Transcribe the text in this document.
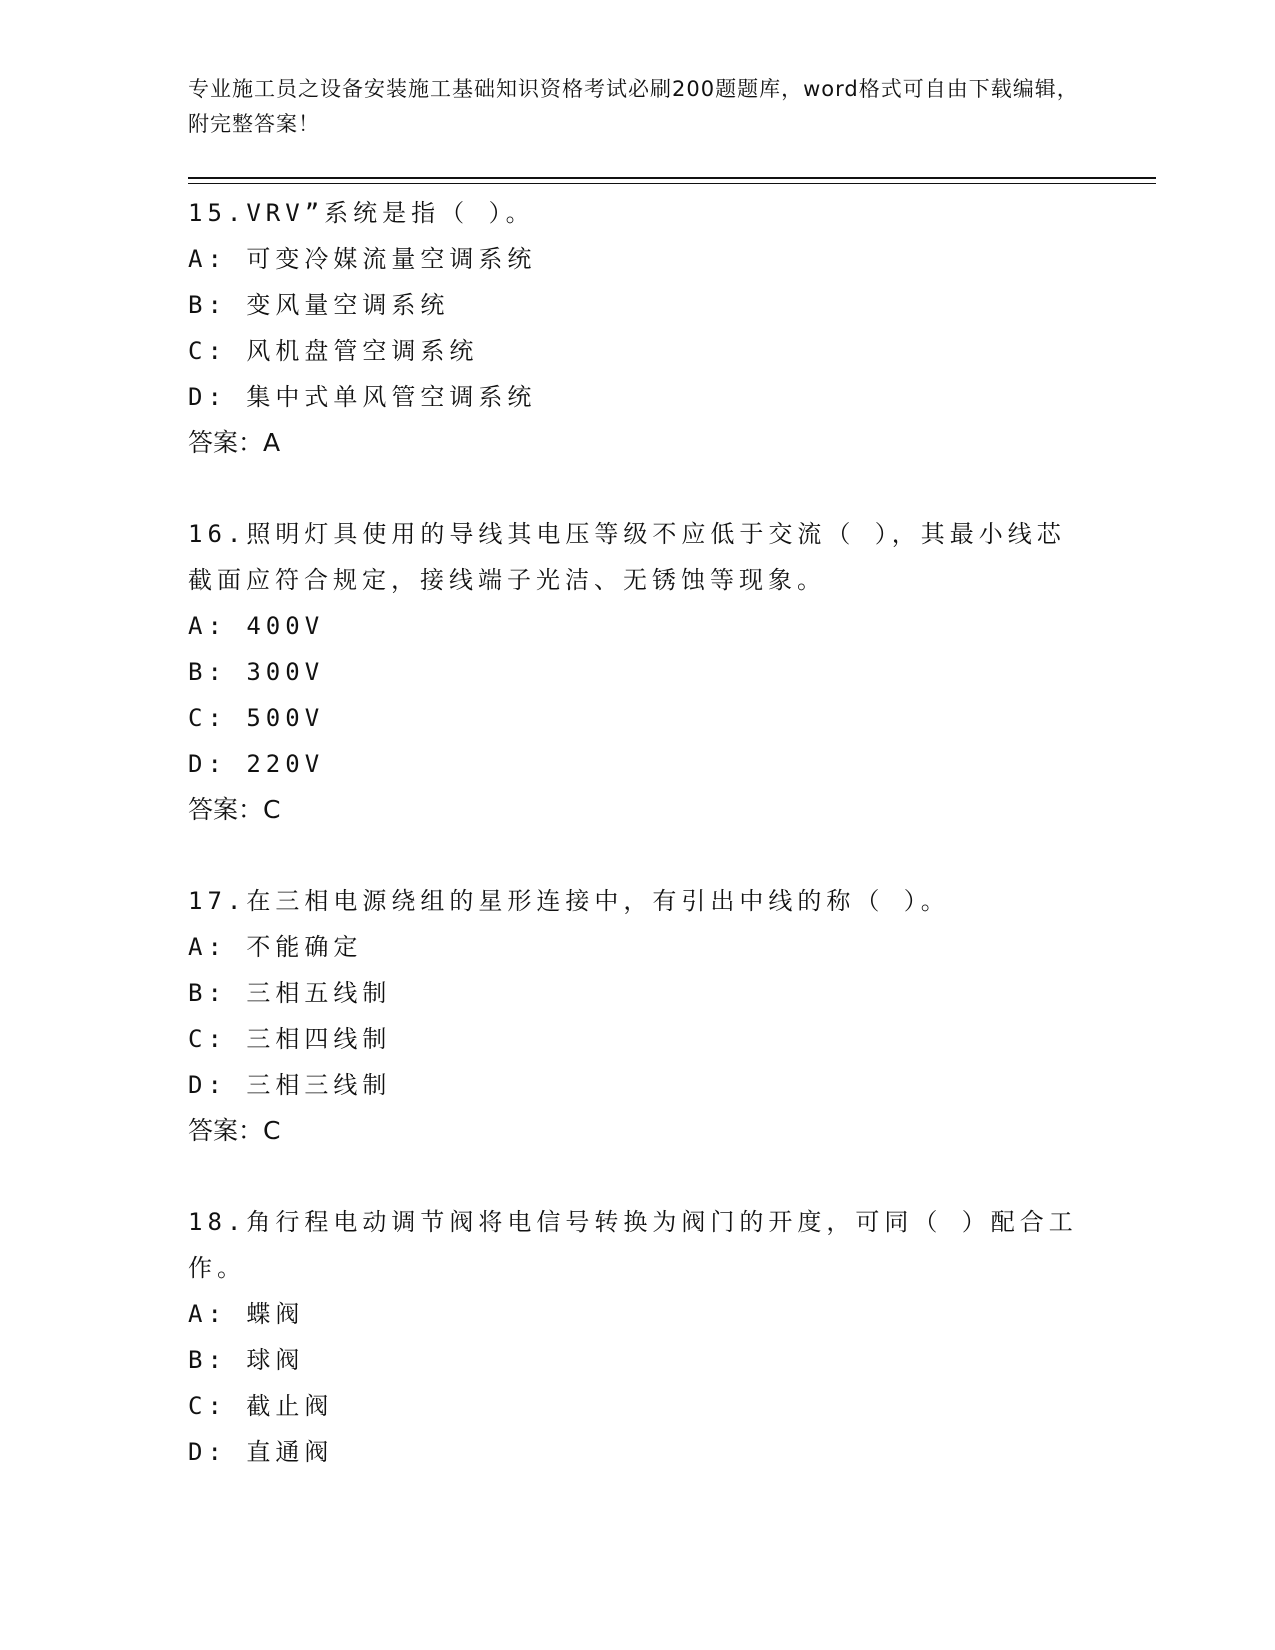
专业施工员之设备安装施工基础知识资格考试必刷200题题库，word格式可自由下载编辑，附完整答案！

15.VRV”系统是指（ ）。

A: 可变冷媒流量空调系统

B: 变风量空调系统

C: 风机盘管空调系统

D: 集中式单风管空调系统

答案：A

16.照明灯具使用的导线其电压等级不应低于交流（ ），其最小线芯截面应符合规定，接线端子光洁、无锈蚀等现象。

A: 400V

B: 300V

C: 500V

D: 220V

答案：C

17.在三相电源绕组的星形连接中，有引出中线的称（ ）。

A: 不能确定

B: 三相五线制

C: 三相四线制

D: 三相三线制

答案：C

18.角行程电动调节阀将电信号转换为阀门的开度，可同（ ）配合工作。

A: 蝶阀

B: 球阀

C: 截止阀

D: 直通阀
